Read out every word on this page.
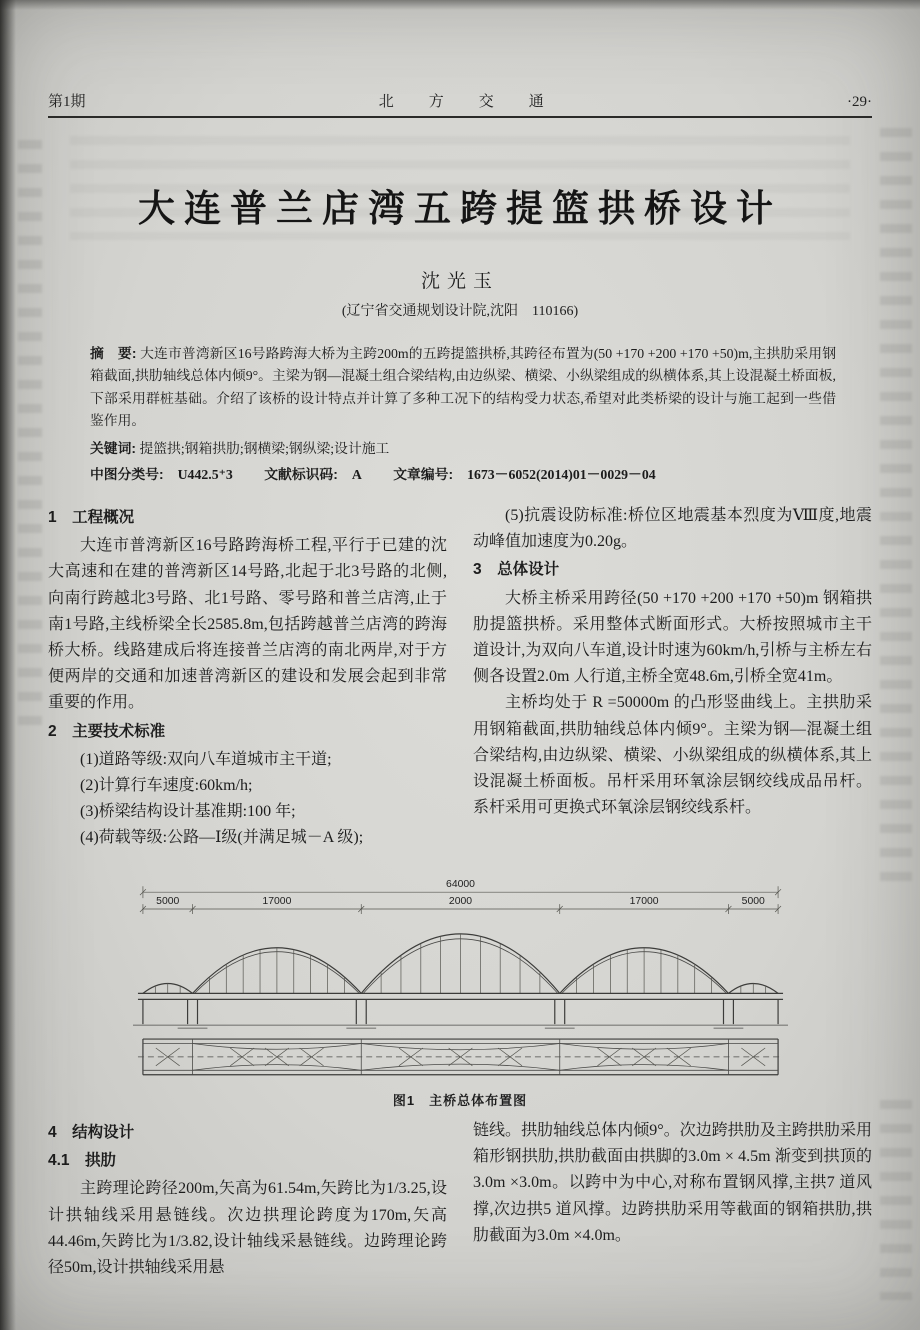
第1期	北　方　交　通	·29·
大连普兰店湾五跨提篮拱桥设计
沈光玉
(辽宁省交通规划设计院,沈阳　110166)
摘　要: 大连市普湾新区16号路跨海大桥为主跨200m的五跨提篮拱桥,其跨径布置为(50 +170 +200 +170 +50)m,主拱肋采用钢箱截面,拱肋轴线总体内倾9°。主梁为钢—混凝土组合梁结构,由边纵梁、横梁、小纵梁组成的纵横体系,其上设混凝土桥面板,下部采用群桩基础。介绍了该桥的设计特点并计算了多种工况下的结构受力状态,希望对此类桥梁的设计与施工起到一些借鉴作用。
关键词: 提篮拱;钢箱拱肋;钢横梁;钢纵梁;设计施工
中图分类号: U442.5⁺3 文献标识码: A 文章编号: 1673－6052(2014)01－0029－04
1　工程概况

大连市普湾新区16号路跨海桥工程,平行于已建的沈大高速和在建的普湾新区14号路,北起于北3号路的北侧,向南行跨越北3号路、北1号路、零号路和普兰店湾,止于南1号路,主线桥梁全长2585.8m,包括跨越普兰店湾的跨海桥大桥。线路建成后将连接普兰店湾的南北两岸,对于方便两岸的交通和加速普湾新区的建设和发展会起到非常重要的作用。

2　主要技术标准

(1)道路等级:双向八车道城市主干道;

(2)计算行车速度:60km/h;

(3)桥梁结构设计基准期:100 年;

(4)荷载等级:公路—Ⅰ级(并满足城－A 级);

(5)抗震设防标准:桥位区地震基本烈度为Ⅷ度,地震动峰值加速度为0.20g。

3　总体设计

大桥主桥采用跨径(50 +170 +200 +170 +50)m 钢箱拱肋提篮拱桥。采用整体式断面形式。大桥按照城市主干道设计,为双向八车道,设计时速为60km/h,引桥与主桥左右侧各设置2.0m 人行道,主桥全宽48.6m,引桥全宽41m。

主桥均处于 R =50000m 的凸形竖曲线上。主拱肋采用钢箱截面,拱肋轴线总体内倾9°。主梁为钢—混凝土组合梁结构,由边纵梁、横梁、小纵梁组成的纵横体系,其上设混凝土桥面板。吊杆采用环氧涂层钢绞线成品吊杆。系杆采用可更换式环氧涂层钢绞线系杆。

64000
5000	17000	2000	17000	5000
图1　主桥总体布置图
4　结构设计
4.1　拱肋

主跨理论跨径200m,矢高为61.54m,矢跨比为1/3.25,设计拱轴线采用悬链线。次边拱理论跨度为170m,矢高44.46m,矢跨比为1/3.82,设计轴线采悬链线。边跨理论跨径50m,设计拱轴线采用悬

链线。拱肋轴线总体内倾9°。次边跨拱肋及主跨拱肋采用箱形钢拱肋,拱肋截面由拱脚的3.0m × 4.5m 渐变到拱顶的3.0m ×3.0m。以跨中为中心,对称布置钢风撑,主拱7 道风撑,次边拱5 道风撑。边跨拱肋采用等截面的钢箱拱肋,拱肋截面为3.0m ×4.0m。
